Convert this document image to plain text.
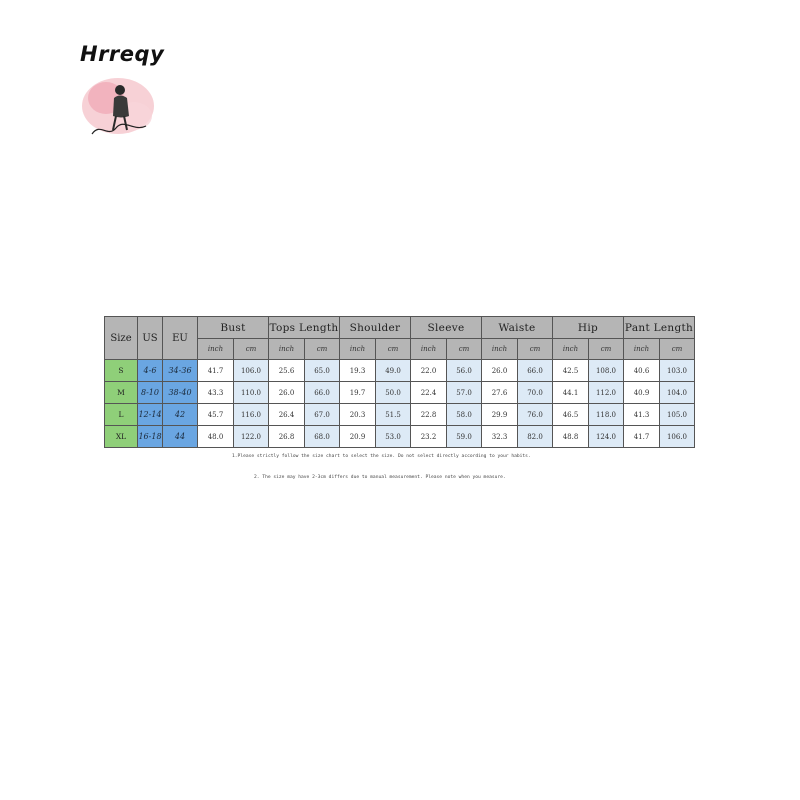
Hrreqy
Size	US	EU	Bust		Tops Length		Shoulder		Sleeve		Waiste		Hip		Pant Length	
			inch	cm	inch	cm	inch	cm	inch	cm	inch	cm	inch	cm	inch	cm
S	4-6	34-36	41.7	106.0	25.6	65.0	19.3	49.0	22.0	56.0	26.0	66.0	42.5	108.0	40.6	103.0
M	8-10	38-40	43.3	110.0	26.0	66.0	19.7	50.0	22.4	57.0	27.6	70.0	44.1	112.0	40.9	104.0
L	12-14	42	45.7	116.0	26.4	67.0	20.3	51.5	22.8	58.0	29.9	76.0	46.5	118.0	41.3	105.0
XL	16-18	44	48.0	122.0	26.8	68.0	20.9	53.0	23.2	59.0	32.3	82.0	48.8	124.0	41.7	106.0
1.Please strictly follow the size chart to select the size. Do not select directly according to your habits.
2. The size may have 2-3cm differs due to manual measurement. Please note when you measure.
